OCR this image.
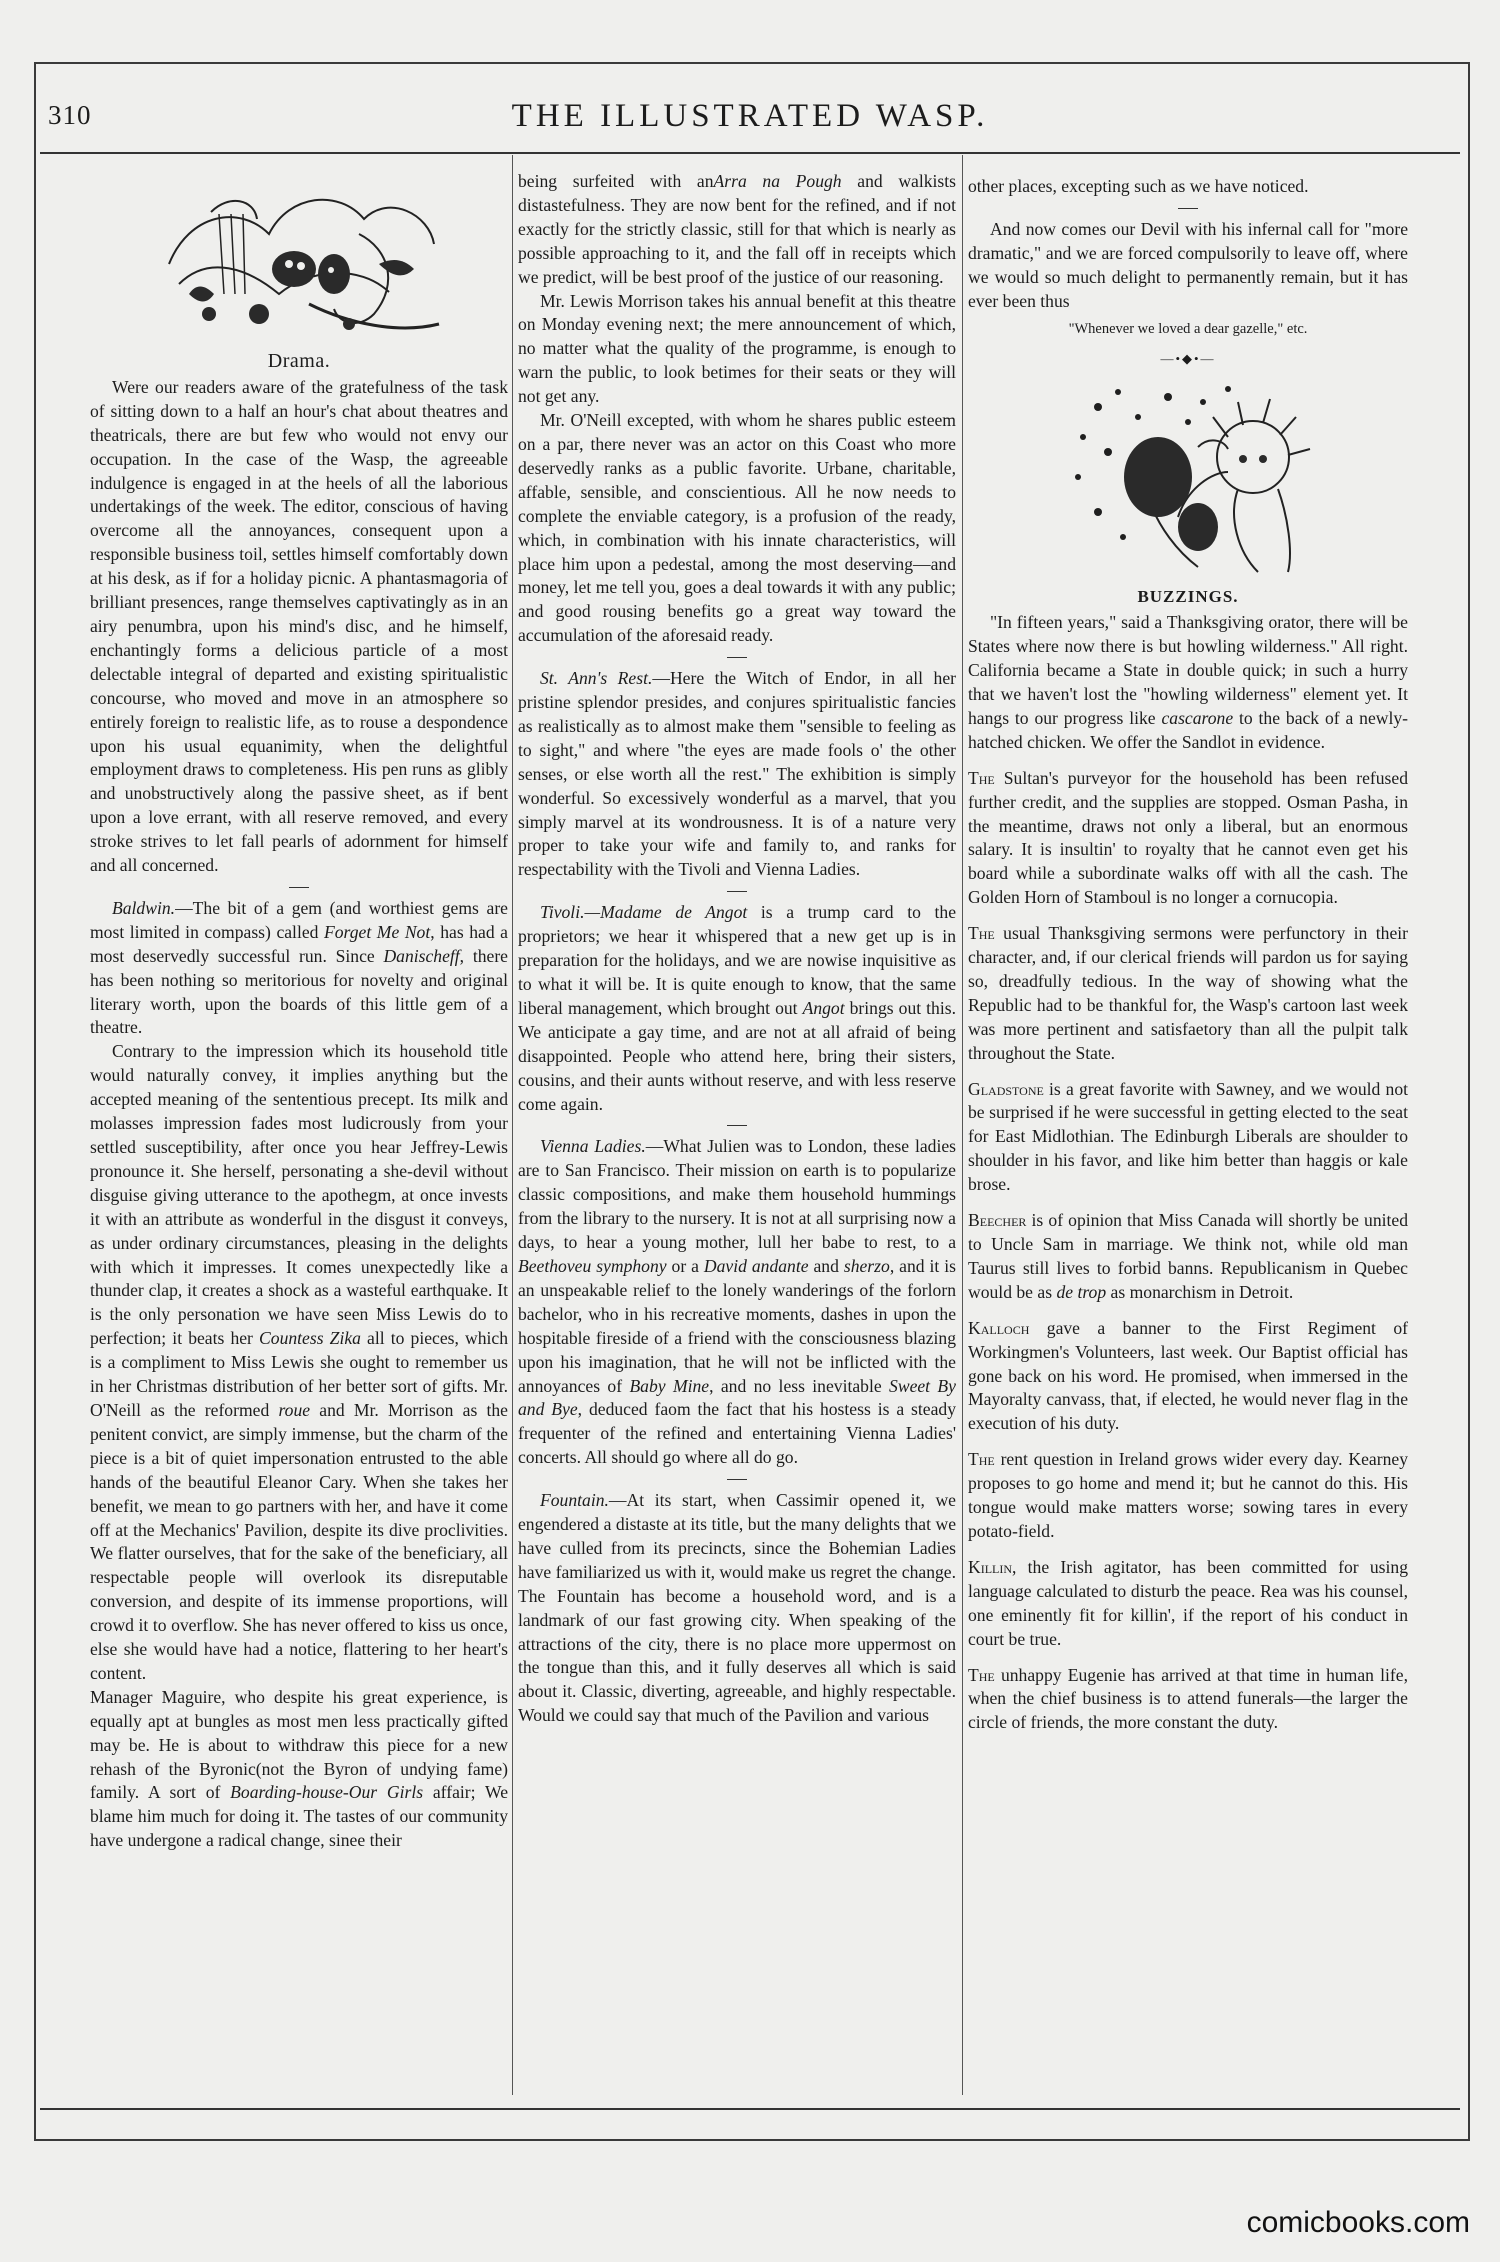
310	THE ILLUSTRATED WASP.
Drama.

Were our readers aware of the gratefulness of the task of sitting down to a half an hour's chat about theatres and theatricals, there are but few who would not envy our occupation. In the case of the Wasp, the agreeable indulgence is engaged in at the heels of all the laborious undertakings of the week. The editor, conscious of having overcome all the annoyances, consequent upon a responsible business toil, settles himself comfortably down at his desk, as if for a holiday picnic. A phantasmagoria of brilliant presences, range themselves captivatingly as in an airy penumbra, upon his mind's disc, and he himself, enchantingly forms a delicious particle of a most delectable integral of departed and existing spiritualistic concourse, who moved and move in an atmosphere so entirely foreign to realistic life, as to rouse a despondence upon his usual equanimity, when the delightful employment draws to completeness. His pen runs as glibly and unobstructively along the passive sheet, as if bent upon a love errant, with all reserve removed, and every stroke strives to let fall pearls of adornment for himself and all concerned.

Baldwin.—The bit of a gem (and worthiest gems are most limited in compass) called Forget Me Not, has had a most deservedly successful run. Since Danischeff, there has been nothing so meritorious for novelty and original literary worth, upon the boards of this little gem of a theatre.

Contrary to the impression which its household title would naturally convey, it implies anything but the accepted meaning of the sententious precept. Its milk and molasses impression fades most ludicrously from your settled susceptibility, after once you hear Jeffrey-Lewis pronounce it. She herself, personating a she-devil without disguise giving utterance to the apothegm, at once invests it with an attribute as wonderful in the disgust it conveys, as under ordinary circumstances, pleasing in the delights with which it impresses. It comes unexpectedly like a thunder clap, it creates a shock as a wasteful earthquake. It is the only personation we have seen Miss Lewis do to perfection; it beats her Countess Zika all to pieces, which is a compliment to Miss Lewis she ought to remember us in her Christmas distribution of her better sort of gifts. Mr. O'Neill as the reformed roue and Mr. Morrison as the penitent convict, are simply immense, but the charm of the piece is a bit of quiet impersonation entrusted to the able hands of the beautiful Eleanor Cary. When she takes her benefit, we mean to go partners with her, and have it come off at the Mechanics' Pavilion, despite its dive proclivities. We flatter ourselves, that for the sake of the beneficiary, all respectable people will overlook its disreputable conversion, and despite of its immense proportions, will crowd it to overflow. She has never offered to kiss us once, else she would have had a notice, flattering to her heart's content.

Manager Maguire, who despite his great experience, is equally apt at bungles as most men less practically gifted may be. He is about to withdraw this piece for a new rehash of the Byronic(not the Byron of undying fame) family. A sort of Boarding-house-Our Girls affair; We blame him much for doing it. The tastes of our community have undergone a radical change, sinee their

being surfeited with anArra na Pough and walkists distastefulness. They are now bent for the refined, and if not exactly for the strictly classic, still for that which is nearly as possible approaching to it, and the fall off in receipts which we predict, will be best proof of the justice of our reasoning.

Mr. Lewis Morrison takes his annual benefit at this theatre on Monday evening next; the mere announcement of which, no matter what the quality of the programme, is enough to warn the public, to look betimes for their seats or they will not get any.

Mr. O'Neill excepted, with whom he shares public esteem on a par, there never was an actor on this Coast who more deservedly ranks as a public favorite. Urbane, charitable, affable, sensible, and conscientious. All he now needs to complete the enviable category, is a profusion of the ready, which, in combination with his innate characteristics, will place him upon a pedestal, among the most deserving—and money, let me tell you, goes a deal towards it with any public; and good rousing benefits go a great way toward the accumulation of the aforesaid ready.

St. Ann's Rest.—Here the Witch of Endor, in all her pristine splendor presides, and conjures spiritualistic fancies as realistically as to almost make them "sensible to feeling as to sight," and where "the eyes are made fools o' the other senses, or else worth all the rest." The exhibition is simply wonderful. So excessively wonderful as a marvel, that you simply marvel at its wondrousness. It is of a nature very proper to take your wife and family to, and ranks for respectability with the Tivoli and Vienna Ladies.

Tivoli.—Madame de Angot is a trump card to the proprietors; we hear it whispered that a new get up is in preparation for the holidays, and we are nowise inquisitive as to what it will be. It is quite enough to know, that the same liberal management, which brought out Angot brings out this. We anticipate a gay time, and are not at all afraid of being disappointed. People who attend here, bring their sisters, cousins, and their aunts without reserve, and with less reserve come again.

Vienna Ladies.—What Julien was to London, these ladies are to San Francisco. Their mission on earth is to popularize classic compositions, and make them household hummings from the library to the nursery. It is not at all surprising now a days, to hear a young mother, lull her babe to rest, to a Beethoveu symphony or a David andante and sherzo, and it is an unspeakable relief to the lonely wanderings of the forlorn bachelor, who in his recreative moments, dashes in upon the hospitable fireside of a friend with the consciousness blazing upon his imagination, that he will not be inflicted with the annoyances of Baby Mine, and no less inevitable Sweet By and Bye, deduced faom the fact that his hostess is a steady frequenter of the refined and entertaining Vienna Ladies' concerts. All should go where all do go.

Fountain.—At its start, when Cassimir opened it, we engendered a distaste at its title, but the many delights that we have culled from its precincts, since the Bohemian Ladies have familiarized us with it, would make us regret the change. The Fountain has become a household word, and is a landmark of our fast growing city. When speaking of the attractions of the city, there is no place more uppermost on the tongue than this, and it fully deserves all which is said about it. Classic, diverting, agreeable, and highly respectable. Would we could say that much of the Pavilion and various

other places, excepting such as we have noticed.

And now comes our Devil with his infernal call for "more dramatic," and we are forced compulsorily to leave off, where we would so much delight to permanently remain, but it has ever been thus

"Whenever we loved a dear gazelle," etc.
—•◆•—
BUZZINGS.

"In fifteen years," said a Thanksgiving orator, there will be States where now there is but howling wilderness." All right. California became a State in double quick; in such a hurry that we haven't lost the "howling wilderness" element yet. It hangs to our progress like cascarone to the back of a newly-hatched chicken. We offer the Sandlot in evidence.

The Sultan's purveyor for the household has been refused further credit, and the supplies are stopped. Osman Pasha, in the meantime, draws not only a liberal, but an enormous salary. It is insultin' to royalty that he cannot even get his board while a subordinate walks off with all the cash. The Golden Horn of Stamboul is no longer a cornucopia.

The usual Thanksgiving sermons were perfunctory in their character, and, if our clerical friends will pardon us for saying so, dreadfully tedious. In the way of showing what the Republic had to be thankful for, the Wasp's cartoon last week was more pertinent and satisfaetory than all the pulpit talk throughout the State.

Gladstone is a great favorite with Sawney, and we would not be surprised if he were successful in getting elected to the seat for East Midlothian. The Edinburgh Liberals are shoulder to shoulder in his favor, and like him better than haggis or kale brose.

Beecher is of opinion that Miss Canada will shortly be united to Uncle Sam in marriage. We think not, while old man Taurus still lives to forbid banns. Republicanism in Quebec would be as de trop as monarchism in Detroit.

Kalloch gave a banner to the First Regiment of Workingmen's Volunteers, last week. Our Baptist official has gone back on his word. He promised, when immersed in the Mayoralty canvass, that, if elected, he would never flag in the execution of his duty.

The rent question in Ireland grows wider every day. Kearney proposes to go home and mend it; but he cannot do this. His tongue would make matters worse; sowing tares in every potato-field.

Killin, the Irish agitator, has been committed for using language calculated to disturb the peace. Rea was his counsel, one eminently fit for killin', if the report of his conduct in court be true.

The unhappy Eugenie has arrived at that time in human life, when the chief business is to attend funerals—the larger the circle of friends, the more constant the duty.

comicbooks.com
